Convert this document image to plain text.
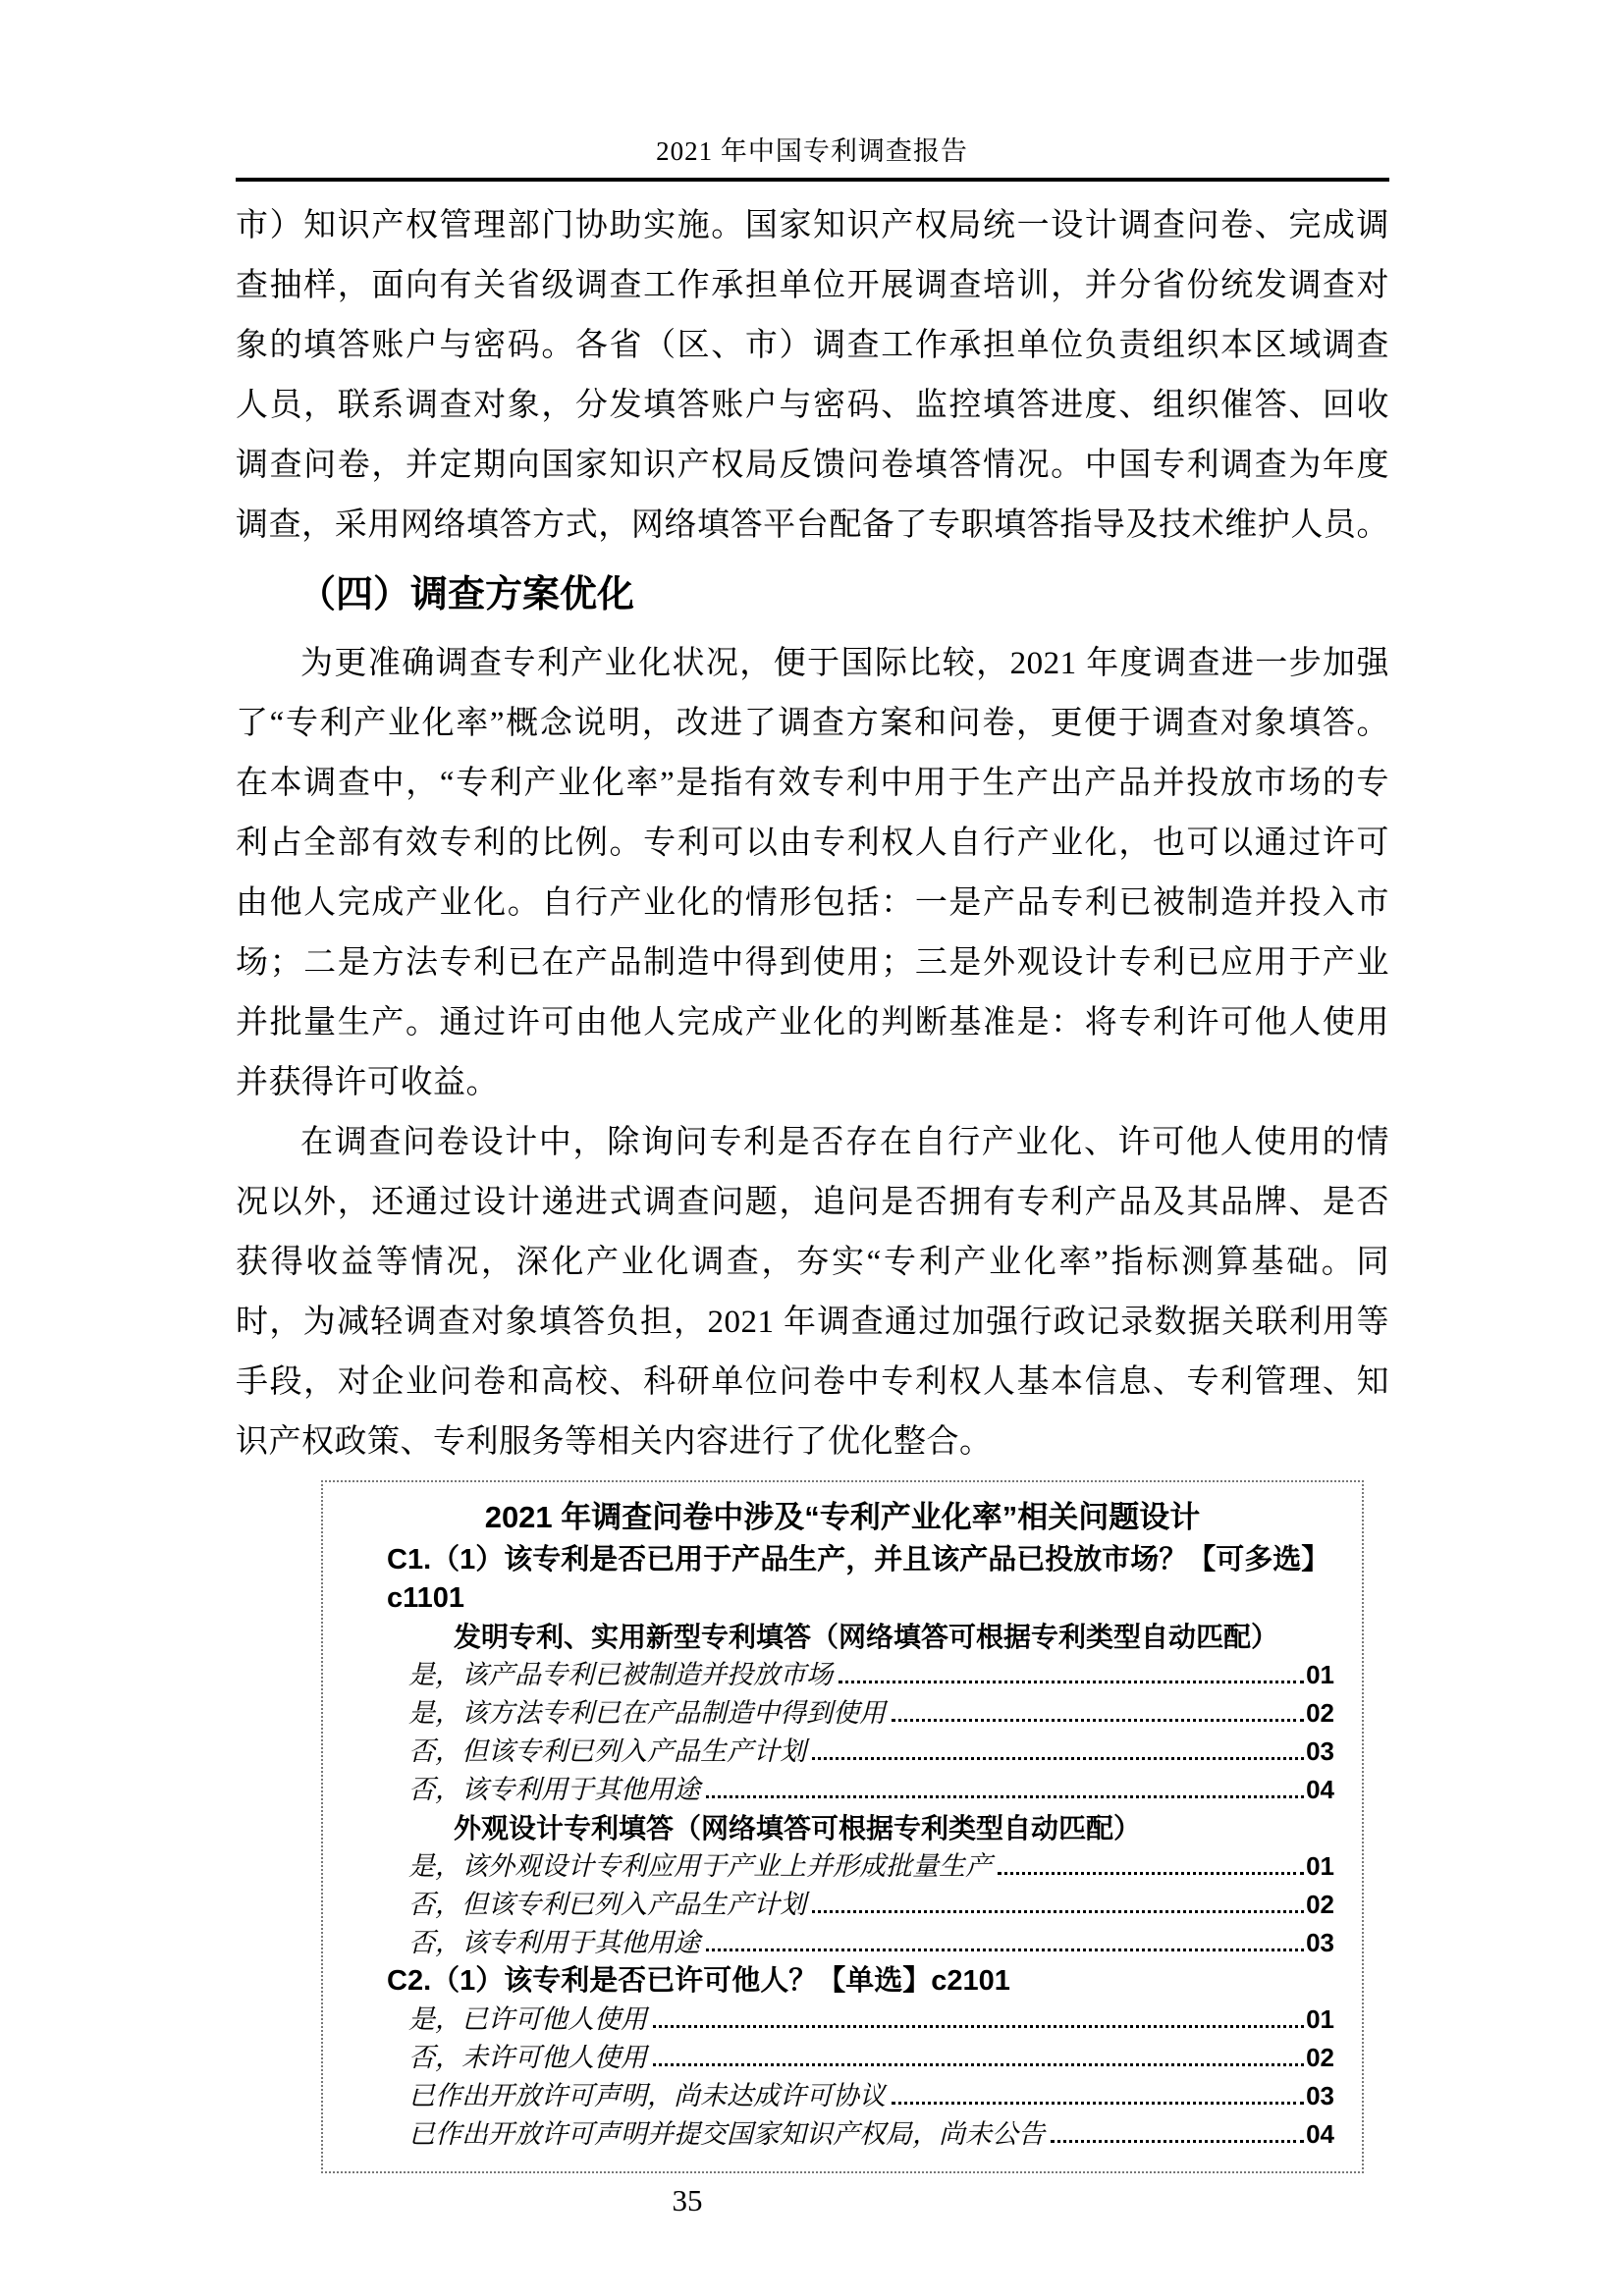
2021 年中国专利调查报告
市）知识产权管理部门协助实施。国家知识产权局统一设计调查问卷、完成调
查抽样，面向有关省级调查工作承担单位开展调查培训，并分省份统发调查对
象的填答账户与密码。各省（区、市）调查工作承担单位负责组织本区域调查
人员，联系调查对象，分发填答账户与密码、监控填答进度、组织催答、回收
调查问卷，并定期向国家知识产权局反馈问卷填答情况。中国专利调查为年度
调查，采用网络填答方式，网络填答平台配备了专职填答指导及技术维护人员。
（四）调查方案优化
为更准确调查专利产业化状况，便于国际比较，2021 年度调查进一步加强
了“专利产业化率”概念说明，改进了调查方案和问卷，更便于调查对象填答。
在本调查中，“专利产业化率”是指有效专利中用于生产出产品并投放市场的专
利占全部有效专利的比例。专利可以由专利权人自行产业化，也可以通过许可
由他人完成产业化。自行产业化的情形包括：一是产品专利已被制造并投入市
场；二是方法专利已在产品制造中得到使用；三是外观设计专利已应用于产业
并批量生产。通过许可由他人完成产业化的判断基准是：将专利许可他人使用
并获得许可收益。
在调查问卷设计中，除询问专利是否存在自行产业化、许可他人使用的情
况以外，还通过设计递进式调查问题，追问是否拥有专利产品及其品牌、是否
获得收益等情况，深化产业化调查，夯实“专利产业化率”指标测算基础。同
时，为减轻调查对象填答负担，2021 年调查通过加强行政记录数据关联利用等
手段，对企业问卷和高校、科研单位问卷中专利权人基本信息、专利管理、知
识产权政策、专利服务等相关内容进行了优化整合。
2021 年调查问卷中涉及“专利产业化率”相关问题设计
C1.（1）该专利是否已用于产品生产，并且该产品已投放市场？【可多选】c1101
发明专利、实用新型专利填答（网络填答可根据专利类型自动匹配）
是，该产品专利已被制造并投放市场	01
是，该方法专利已在产品制造中得到使用	02
否，但该专利已列入产品生产计划	03
否，该专利用于其他用途	04
外观设计专利填答（网络填答可根据专利类型自动匹配）
是，该外观设计专利应用于产业上并形成批量生产	01
否，但该专利已列入产品生产计划	02
否，该专利用于其他用途	03
C2.（1）该专利是否已许可他人？【单选】c2101
是，已许可他人使用	01
否，未许可他人使用	02
已作出开放许可声明，尚未达成许可协议	03
已作出开放许可声明并提交国家知识产权局，尚未公告	04
35
